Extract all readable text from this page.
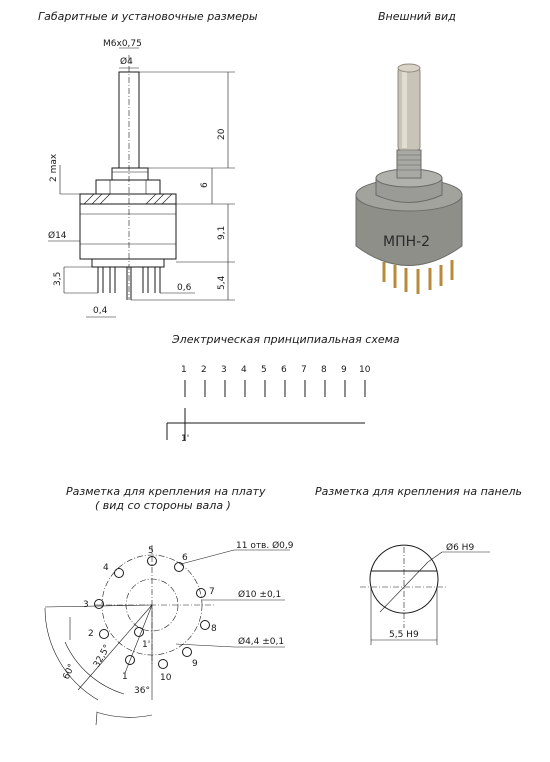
Габаритные и установочные размеры	Внешний вид
Электрическая принципиальная схема
Разметка для крепления на плату
( вид со стороны вала )
Разметка для крепления на панель
М6х0,75
Ø4
20
6
2 max
Ø14	9,1
3,5	5,4
0,6
0,4
МПН-2
1 2 3 4 5 6 7 8 9 10
1'
1
2
3
4
5
6
7
8
9
10
1'
11 отв. Ø0,9
Ø10 ±0,1
Ø4,4 ±0,1
60°
32,5°
36°
Ø6 H9
5,5 H9
